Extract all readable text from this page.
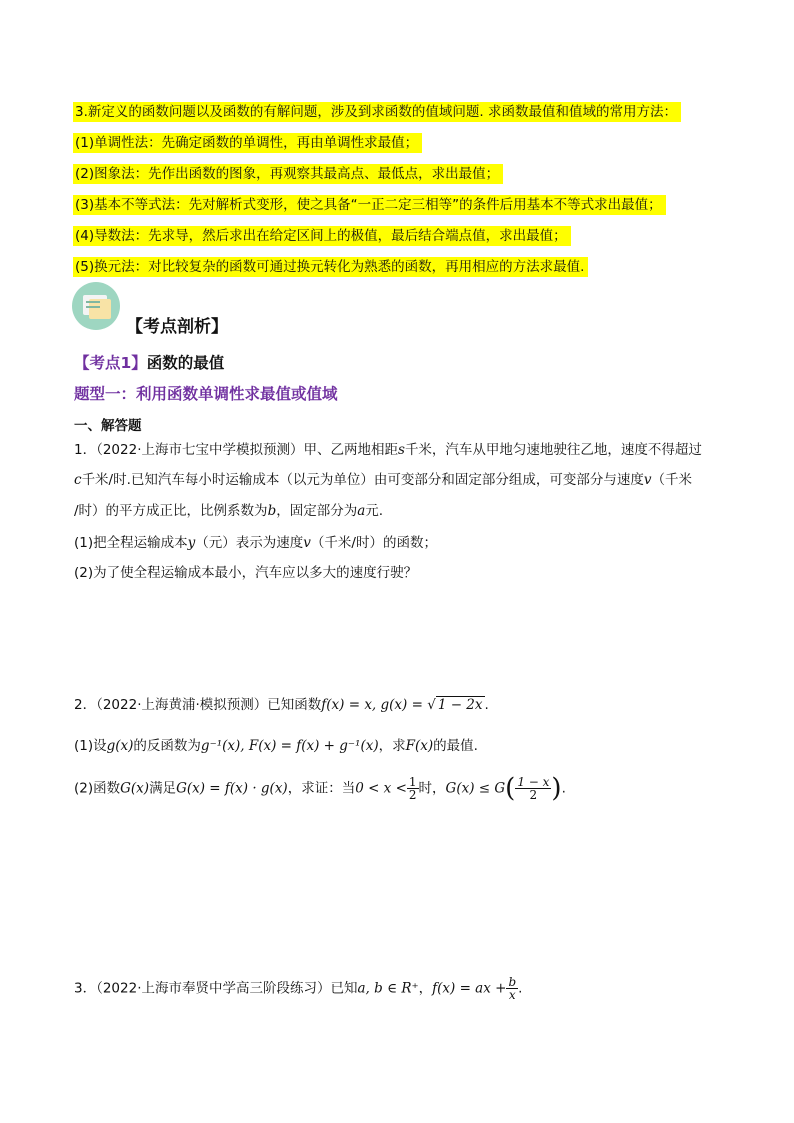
3.新定义的函数问题以及函数的有解问题，涉及到求函数的值域问题. 求函数最值和值域的常用方法：
(1)单调性法：先确定函数的单调性，再由单调性求最值；
(2)图象法：先作出函数的图象，再观察其最高点、最低点，求出最值；
(3)基本不等式法：先对解析式变形，使之具备“一正二定三相等”的条件后用基本不等式求出最值；
(4)导数法：先求导，然后求出在给定区间上的极值，最后结合端点值，求出最值；
(5)换元法：对比较复杂的函数可通过换元转化为熟悉的函数，再用相应的方法求最值.
【考点剖析】
【考点1】函数的最值
题型一：利用函数单调性求最值或值域
一、解答题
1．（2022·上海市七宝中学模拟预测）甲、乙两地相距s千米，汽车从甲地匀速地驶往乙地，速度不得超过
c千米/时.已知汽车每小时运输成本（以元为单位）由可变部分和固定部分组成，可变部分与速度v（千米
/时）的平方成正比，比例系数为b，固定部分为a元.
(1)把全程运输成本y（元）表示为速度v（千米/时）的函数；
(2)为了使全程运输成本最小，汽车应以多大的速度行驶？
2．（2022·上海黄浦·模拟预测）已知函数f(x) = x, g(x) = √ 1 − 2x .
(1)设g(x)的反函数为g⁻¹(x), F(x) = f(x) + g⁻¹(x)，求F(x)的最值.
(2)函数G(x)满足G(x) = f(x) · g(x)，求证：当$0 < x < \frac{1}{2}$ 时，$G(x) \le G( \frac{1 - x}{2}$ ).
3．（2022·上海市奉贤中学高三阶段练习）已知a, b ∈ R⁺，f(x) = ax + $\frac{b}{x}$ .
